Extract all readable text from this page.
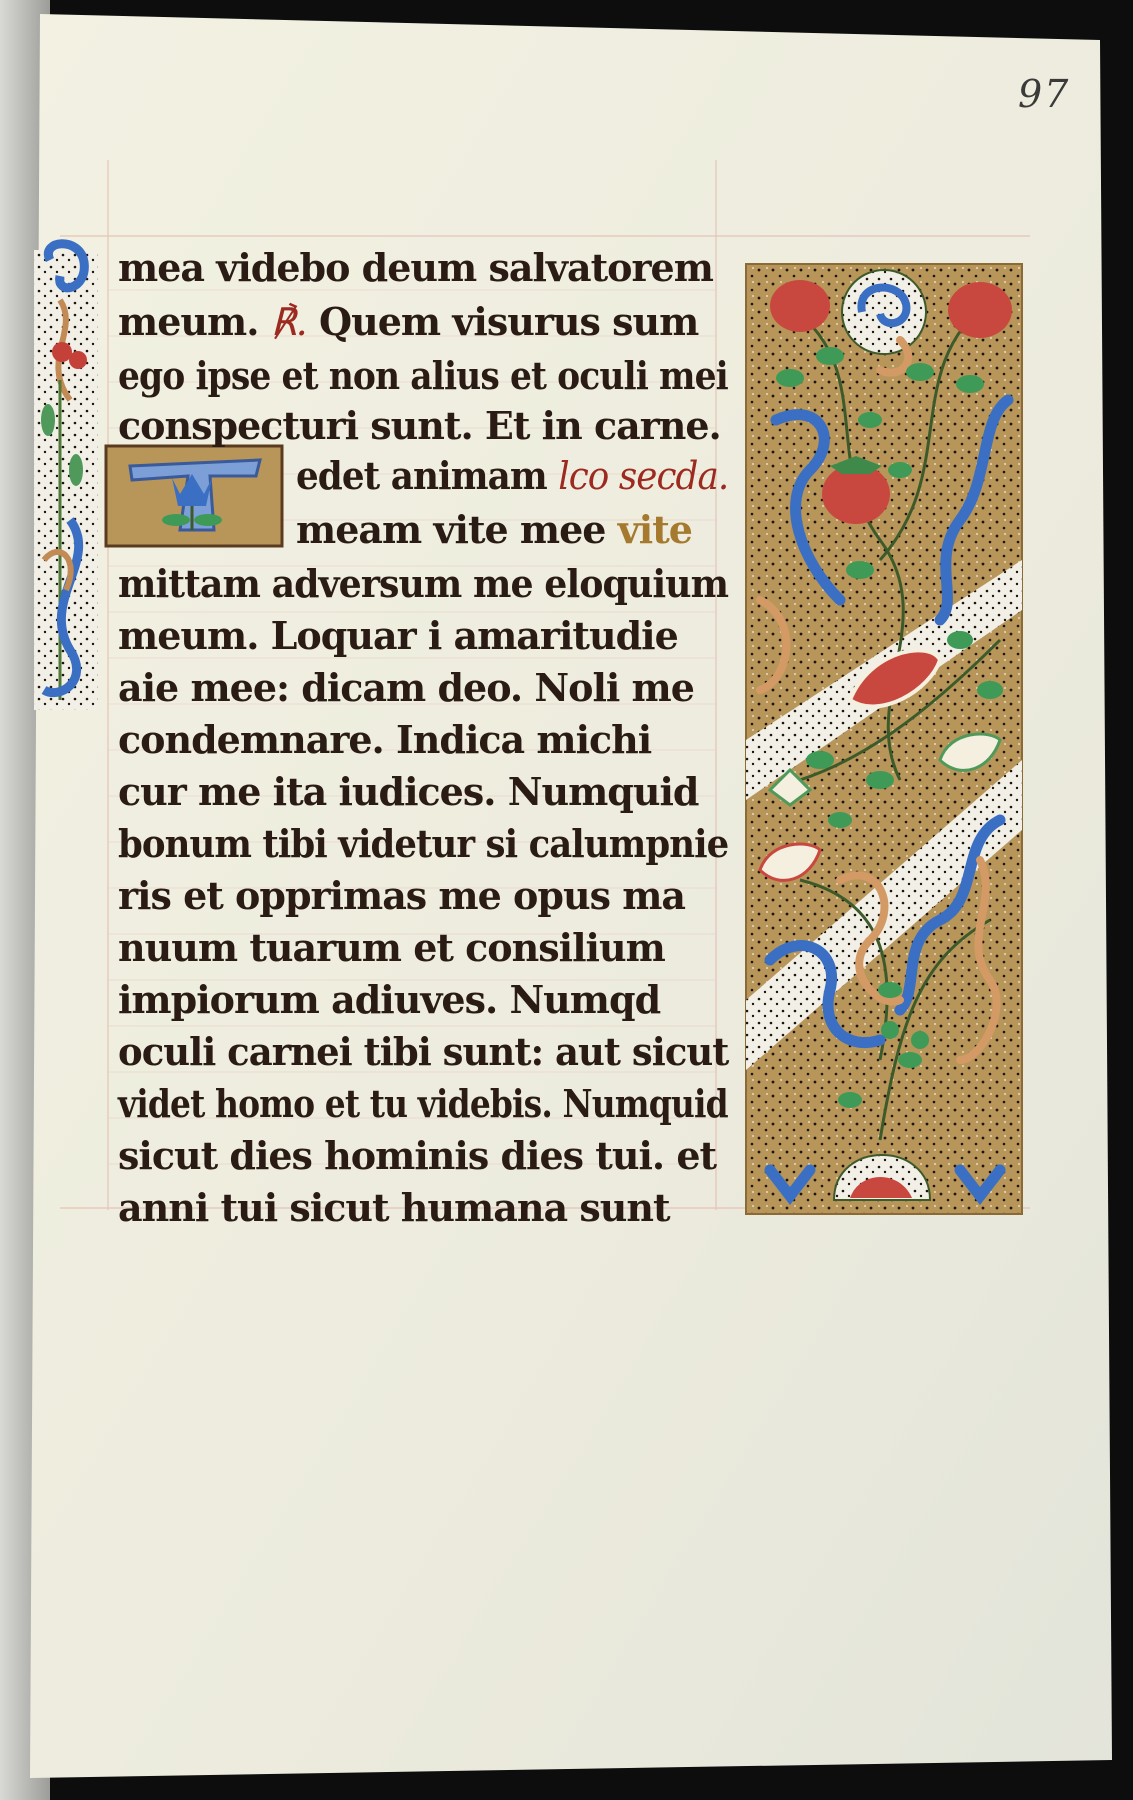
97
mea videbo deum salvatorem
meum. ℟. Quem visurus sum
ego ipse et non alius et oculi mei
conspecturi sunt. Et in carne.
edet animam lco secda.
meam vite mee vite
mittam adversum me eloquium
meum. Loquar i amaritudie
aie mee: dicam deo. Noli me
condemnare. Indica michi
cur me ita iudices. Numquid
bonum tibi videtur si calumpnie
ris et opprimas me opus ma
nuum tuarum et consilium
impiorum adiuves. Numqd
oculi carnei tibi sunt: aut sicut
videt homo et tu videbis. Numquid
sicut dies hominis dies tui. et
anni tui sicut humana sunt
